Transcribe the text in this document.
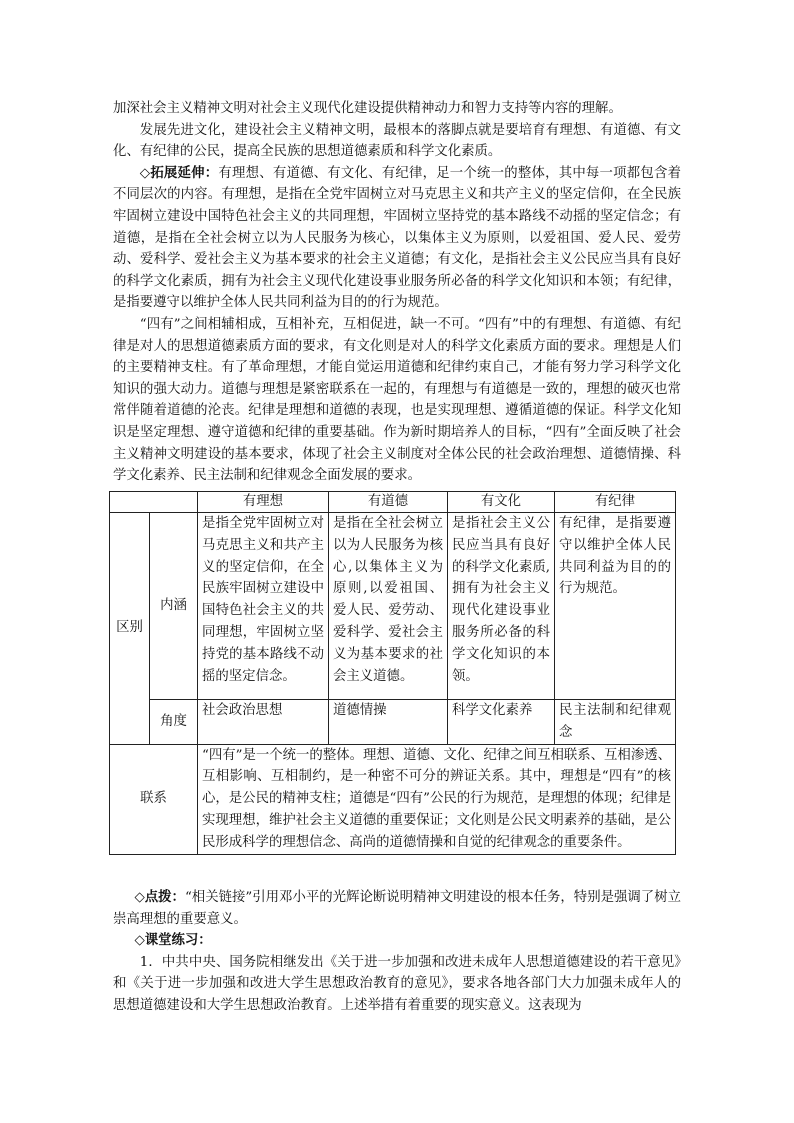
加深社会主义精神文明对社会主义现代化建设提供精神动力和智力支持等内容的理解。

发展先进文化，建设社会主义精神文明，最根本的落脚点就是要培育有理想、有道德、有文化、有纪律的公民，提高全民族的思想道德素质和科学文化素质。

◇拓展延伸：有理想、有道德、有文化、有纪律，足一个统一的整体，其中每一项都包含着不同层次的内容。有理想，是指在全党牢固树立对马克思主义和共产主义的坚定信仰，在全民族牢固树立建设中国特色社会主义的共同理想，牢固树立坚持党的基本路线不动摇的坚定信念；有道德，是指在全社会树立以为人民服务为核心，以集体主义为原则，以爱祖国、爱人民、爱劳动、爱科学、爱社会主义为基本要求的社会主义道德；有文化，是指社会主义公民应当具有良好的科学文化素质，拥有为社会主义现代化建设事业服务所必备的科学文化知识和本领；有纪律，是指要遵守以维护全体人民共同利益为目的的行为规范。

“四有”之间相辅相成，互相补充，互相促进，缺一不可。“四有”中的有理想、有道德、有纪律是对人的思想道德素质方面的要求，有文化则是对人的科学文化素质方面的要求。理想是人们的主要精神支柱。有了革命理想，才能自觉运用道德和纪律约束自己，才能有努力学习科学文化知识的强大动力。道德与理想是紧密联系在一起的，有理想与有道德是一致的，理想的破灭也常常伴随着道德的沦丧。纪律是理想和道德的表现，也是实现理想、遵循道德的保证。科学文化知识是坚定理想、遵守道德和纪律的重要基础。作为新时期培养人的目标，“四有”全面反映了社会主义精神文明建设的基本要求，体现了社会主义制度对全体公民的社会政治理想、道德情操、科学文化素养、民主法制和纪律观念全面发展的要求。

		有理想	有道德	有文化	有纪律
区别	内涵	是指全党牢固树立对马克思主义和共产主义的坚定信仰，在全民族牢固树立建设中国特色社会主义的共同理想，牢固树立坚持党的基本路线不动摇的坚定信念。	是指在全社会树立以为人民服务为核心,以集体主义为原则,以爱祖国、爱人民、爱劳动、爱科学、爱社会主义为基本要求的社会主义道德。	是指社会主义公民应当具有良好的科学文化素质,拥有为社会主义现代化建设事业服务所必备的科学文化知识的本领。	有纪律，是指要遵守以维护全体人民共同利益为目的的行为规范。
	角度	社会政治思想	道德情操	科学文化素养	民主法制和纪律观念
联系		“四有”是一个统一的整体。理想、道德、文化、纪律之间互相联系、互相渗透、互相影响、互相制约，是一种密不可分的辨证关系。其中，理想是“四有”的核心，是公民的精神支柱；道德是“四有”公民的行为规范，是理想的体现；纪律是实现理想，维护社会主义道德的重要保证；文化则是公民文明素养的基础，是公民形成科学的理想信念、高尚的道德情操和自觉的纪律观念的重要条件。			

◇点拨：“相关链接”引用邓小平的光辉论断说明精神文明建设的根本任务，特别是强调了树立崇高理想的重要意义。

◇课堂练习：

1．中共中央、国务院相继发出《关于进一步加强和改进未成年人思想道德建设的若干意见》和《关于进一步加强和改进大学生思想政治教育的意见》，要求各地各部门大力加强未成年人的思想道德建设和大学生思想政治教育。上述举措有着重要的现实意义。这表现为
